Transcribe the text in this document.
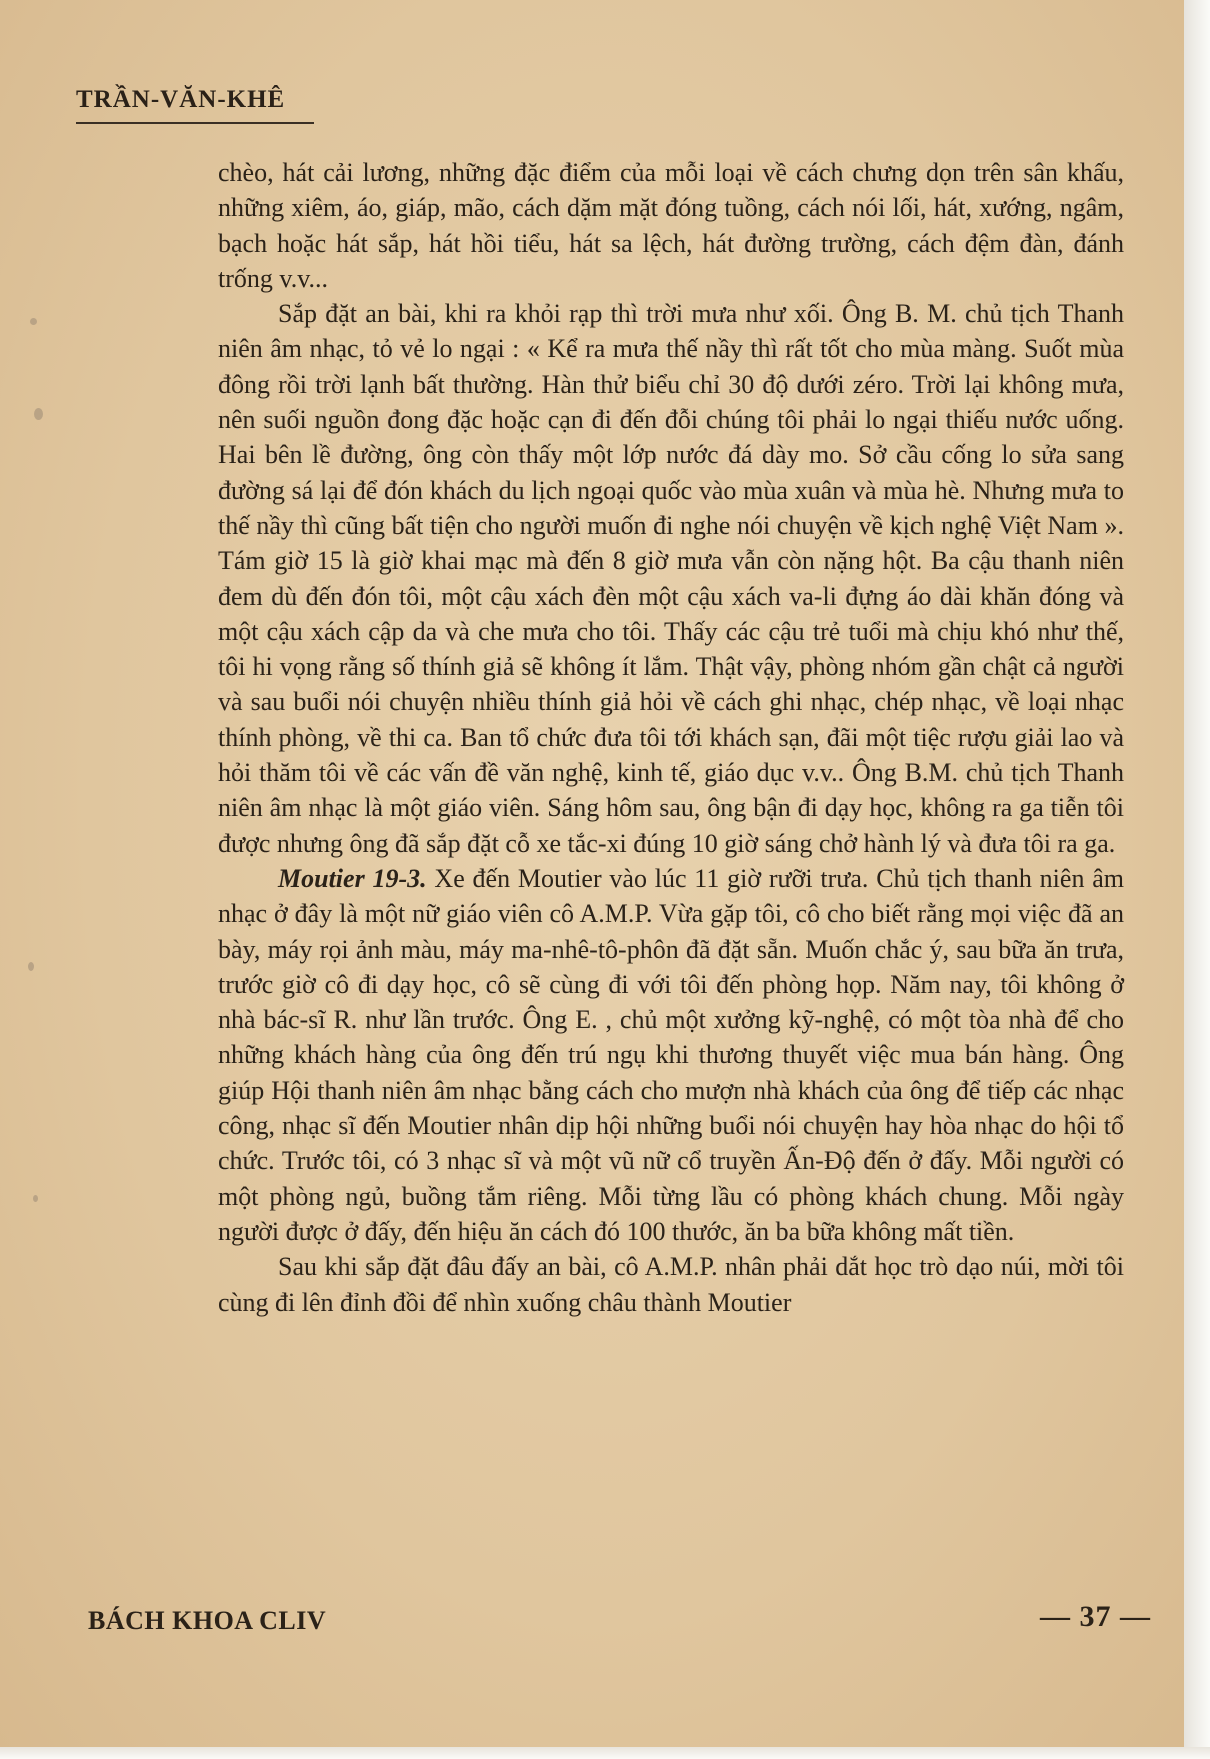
TRẦN-VĂN-KHÊ

chèo, hát cải lương, những đặc điểm của mỗi loại về cách chưng dọn trên sân khấu, những xiêm, áo, giáp, mão, cách dặm mặt đóng tuồng, cách nói lối, hát, xướng, ngâm, bạch hoặc hát sắp, hát hồi tiểu, hát sa lệch, hát đường trường, cách đệm đàn, đánh trống v.v...

Sắp đặt an bài, khi ra khỏi rạp thì trời mưa như xối. Ông B. M. chủ tịch Thanh niên âm nhạc, tỏ vẻ lo ngại : « Kể ra mưa thế nầy thì rất tốt cho mùa màng. Suốt mùa đông rồi trời lạnh bất thường. Hàn thử biểu chỉ 30 độ dưới zéro. Trời lại không mưa, nên suối nguồn đong đặc hoặc cạn đi đến đỗi chúng tôi phải lo ngại thiếu nước uống. Hai bên lề đường, ông còn thấy một lớp nước đá dày mo. Sở cầu cống lo sửa sang đường sá lại để đón khách du lịch ngoại quốc vào mùa xuân và mùa hè. Nhưng mưa to thế nầy thì cũng bất tiện cho người muốn đi nghe nói chuyện về kịch nghệ Việt Nam ». Tám giờ 15 là giờ khai mạc mà đến 8 giờ mưa vẫn còn nặng hột. Ba cậu thanh niên đem dù đến đón tôi, một cậu xách đèn một cậu xách va-li đựng áo dài khăn đóng và một cậu xách cập da và che mưa cho tôi. Thấy các cậu trẻ tuổi mà chịu khó như thế, tôi hi vọng rằng số thính giả sẽ không ít lắm. Thật vậy, phòng nhóm gần chật cả người và sau buổi nói chuyện nhiều thính giả hỏi về cách ghi nhạc, chép nhạc, về loại nhạc thính phòng, về thi ca. Ban tổ chức đưa tôi tới khách sạn, đãi một tiệc rượu giải lao và hỏi thăm tôi về các vấn đề văn nghệ, kinh tế, giáo dục v.v.. Ông B.M. chủ tịch Thanh niên âm nhạc là một giáo viên. Sáng hôm sau, ông bận đi dạy học, không ra ga tiễn tôi được nhưng ông đã sắp đặt cỗ xe tắc-xi đúng 10 giờ sáng chở hành lý và đưa tôi ra ga.

Moutier 19-3. Xe đến Moutier vào lúc 11 giờ rưỡi trưa. Chủ tịch thanh niên âm nhạc ở đây là một nữ giáo viên cô A.M.P. Vừa gặp tôi, cô cho biết rằng mọi việc đã an bày, máy rọi ảnh màu, máy ma-nhê-tô-phôn đã đặt sẵn. Muốn chắc ý, sau bữa ăn trưa, trước giờ cô đi dạy học, cô sẽ cùng đi với tôi đến phòng họp. Năm nay, tôi không ở nhà bác-sĩ R. như lần trước. Ông E. , chủ một xưởng kỹ-nghệ, có một tòa nhà để cho những khách hàng của ông đến trú ngụ khi thương thuyết việc mua bán hàng. Ông giúp Hội thanh niên âm nhạc bằng cách cho mượn nhà khách của ông để tiếp các nhạc công, nhạc sĩ đến Moutier nhân dịp hội những buổi nói chuyện hay hòa nhạc do hội tổ chức. Trước tôi, có 3 nhạc sĩ và một vũ nữ cổ truyền Ấn-Độ đến ở đấy. Mỗi người có một phòng ngủ, buồng tắm riêng. Mỗi từng lầu có phòng khách chung. Mỗi ngày người được ở đấy, đến hiệu ăn cách đó 100 thước, ăn ba bữa không mất tiền.

Sau khi sắp đặt đâu đấy an bài, cô A.M.P. nhân phải dắt học trò dạo núi, mời tôi cùng đi lên đỉnh đồi để nhìn xuống châu thành Moutier

BÁCH KHOA CLIV	— 37 —
